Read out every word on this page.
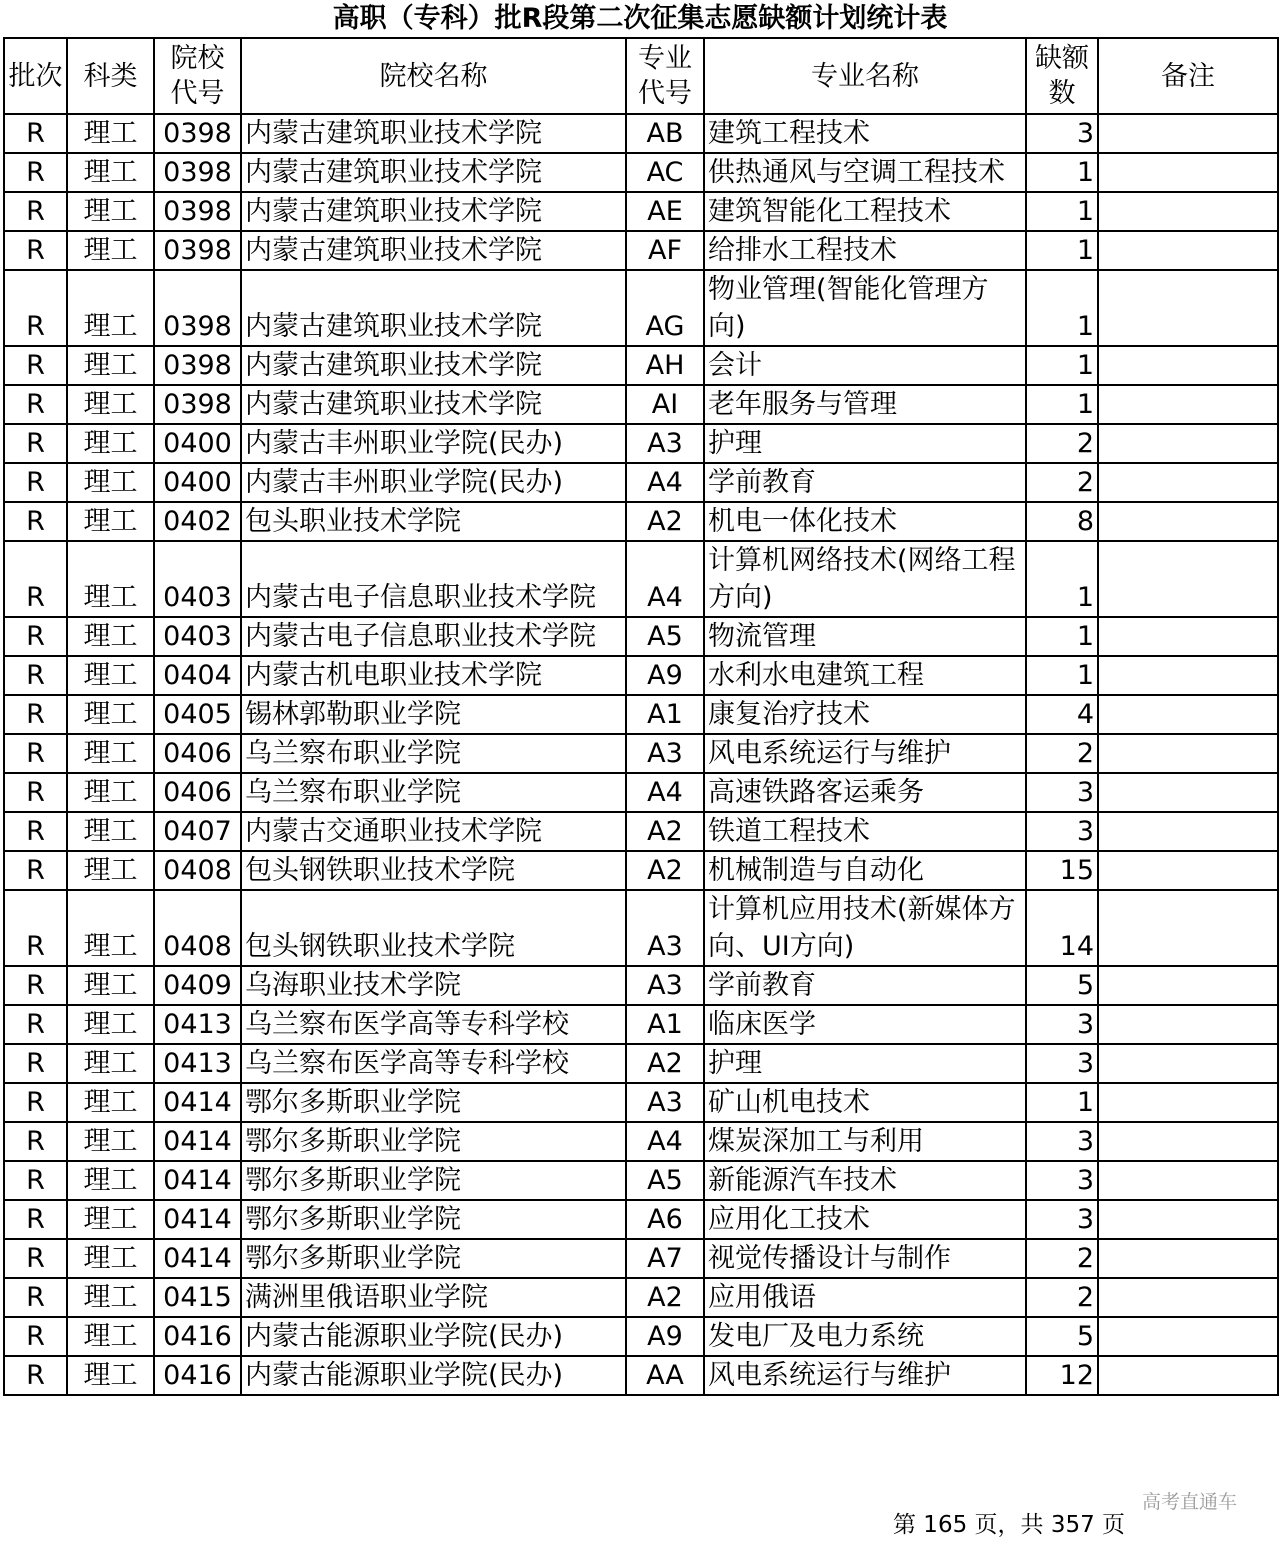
高职（专科）批R段第二次征集志愿缺额计划统计表
批次	科类	院校代号	院校名称	专业代号	专业名称	缺额数	备注
R	理工	0398	内蒙古建筑职业技术学院	AB	建筑工程技术	3	
R	理工	0398	内蒙古建筑职业技术学院	AC	供热通风与空调工程技术	1	
R	理工	0398	内蒙古建筑职业技术学院	AE	建筑智能化工程技术	1	
R	理工	0398	内蒙古建筑职业技术学院	AF	给排水工程技术	1	
R	理工	0398	内蒙古建筑职业技术学院	AG	物业管理(智能化管理方向)	1	
R	理工	0398	内蒙古建筑职业技术学院	AH	会计	1	
R	理工	0398	内蒙古建筑职业技术学院	AI	老年服务与管理	1	
R	理工	0400	内蒙古丰州职业学院(民办)	A3	护理	2	
R	理工	0400	内蒙古丰州职业学院(民办)	A4	学前教育	2	
R	理工	0402	包头职业技术学院	A2	机电一体化技术	8	
R	理工	0403	内蒙古电子信息职业技术学院	A4	计算机网络技术(网络工程方向)	1	
R	理工	0403	内蒙古电子信息职业技术学院	A5	物流管理	1	
R	理工	0404	内蒙古机电职业技术学院	A9	水利水电建筑工程	1	
R	理工	0405	锡林郭勒职业学院	A1	康复治疗技术	4	
R	理工	0406	乌兰察布职业学院	A3	风电系统运行与维护	2	
R	理工	0406	乌兰察布职业学院	A4	高速铁路客运乘务	3	
R	理工	0407	内蒙古交通职业技术学院	A2	铁道工程技术	3	
R	理工	0408	包头钢铁职业技术学院	A2	机械制造与自动化	15	
R	理工	0408	包头钢铁职业技术学院	A3	计算机应用技术(新媒体方向、UI方向)	14	
R	理工	0409	乌海职业技术学院	A3	学前教育	5	
R	理工	0413	乌兰察布医学高等专科学校	A1	临床医学	3	
R	理工	0413	乌兰察布医学高等专科学校	A2	护理	3	
R	理工	0414	鄂尔多斯职业学院	A3	矿山机电技术	1	
R	理工	0414	鄂尔多斯职业学院	A4	煤炭深加工与利用	3	
R	理工	0414	鄂尔多斯职业学院	A5	新能源汽车技术	3	
R	理工	0414	鄂尔多斯职业学院	A6	应用化工技术	3	
R	理工	0414	鄂尔多斯职业学院	A7	视觉传播设计与制作	2	
R	理工	0415	满洲里俄语职业学院	A2	应用俄语	2	
R	理工	0416	内蒙古能源职业学院(民办)	A9	发电厂及电力系统	5	
R	理工	0416	内蒙古能源职业学院(民办)	AA	风电系统运行与维护	12	
高考直通车
第 165 页，共 357 页
